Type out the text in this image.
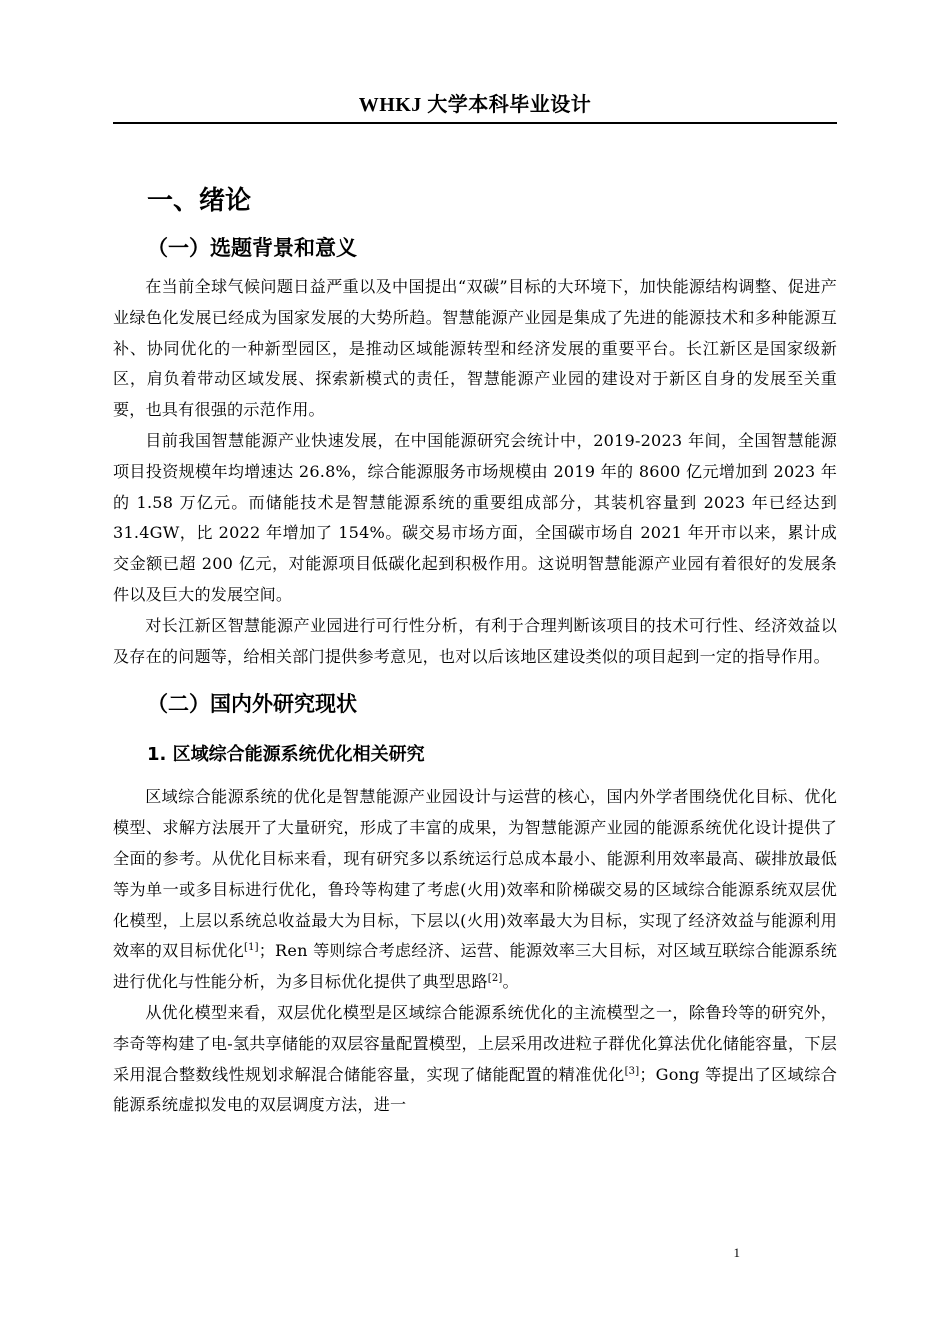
WHKJ 大学本科毕业设计
一、绪论
（一）选题背景和意义

在当前全球气候问题日益严重以及中国提出“双碳”目标的大环境下，加快能源结构调整、促进产业绿色化发展已经成为国家发展的大势所趋。智慧能源产业园是集成了先进的能源技术和多种能源互补、协同优化的一种新型园区，是推动区域能源转型和经济发展的重要平台。长江新区是国家级新区，肩负着带动区域发展、探索新模式的责任，智慧能源产业园的建设对于新区自身的发展至关重要，也具有很强的示范作用。

目前我国智慧能源产业快速发展，在中国能源研究会统计中，2019-2023 年间，全国智慧能源项目投资规模年均增速达 26.8%，综合能源服务市场规模由 2019 年的 8600 亿元增加到 2023 年的 1.58 万亿元。而储能技术是智慧能源系统的重要组成部分，其装机容量到 2023 年已经达到 31.4GW，比 2022 年增加了 154%。碳交易市场方面，全国碳市场自 2021 年开市以来，累计成交金额已超 200 亿元，对能源项目低碳化起到积极作用。这说明智慧能源产业园有着很好的发展条件以及巨大的发展空间。

对长江新区智慧能源产业园进行可行性分析，有利于合理判断该项目的技术可行性、经济效益以及存在的问题等，给相关部门提供参考意见，也对以后该地区建设类似的项目起到一定的指导作用。

（二）国内外研究现状
1. 区域综合能源系统优化相关研究

区域综合能源系统的优化是智慧能源产业园设计与运营的核心，国内外学者围绕优化目标、优化模型、求解方法展开了大量研究，形成了丰富的成果，为智慧能源产业园的能源系统优化设计提供了全面的参考。从优化目标来看，现有研究多以系统运行总成本最小、能源利用效率最高、碳排放最低等为单一或多目标进行优化，鲁玲等构建了考虑(火用)效率和阶梯碳交易的区域综合能源系统双层优化模型，上层以系统总收益最大为目标，下层以(火用)效率最大为目标，实现了经济效益与能源利用效率的双目标优化[1]；Ren 等则综合考虑经济、运营、能源效率三大目标，对区域互联综合能源系统进行优化与性能分析，为多目标优化提供了典型思路[2]。

从优化模型来看，双层优化模型是区域综合能源系统优化的主流模型之一，除鲁玲等的研究外，李奇等构建了电-氢共享储能的双层容量配置模型，上层采用改进粒子群优化算法优化储能容量，下层采用混合整数线性规划求解混合储能容量，实现了储能配置的精准优化[3]；Gong 等提出了区域综合能源系统虚拟发电的双层调度方法，进一

1
